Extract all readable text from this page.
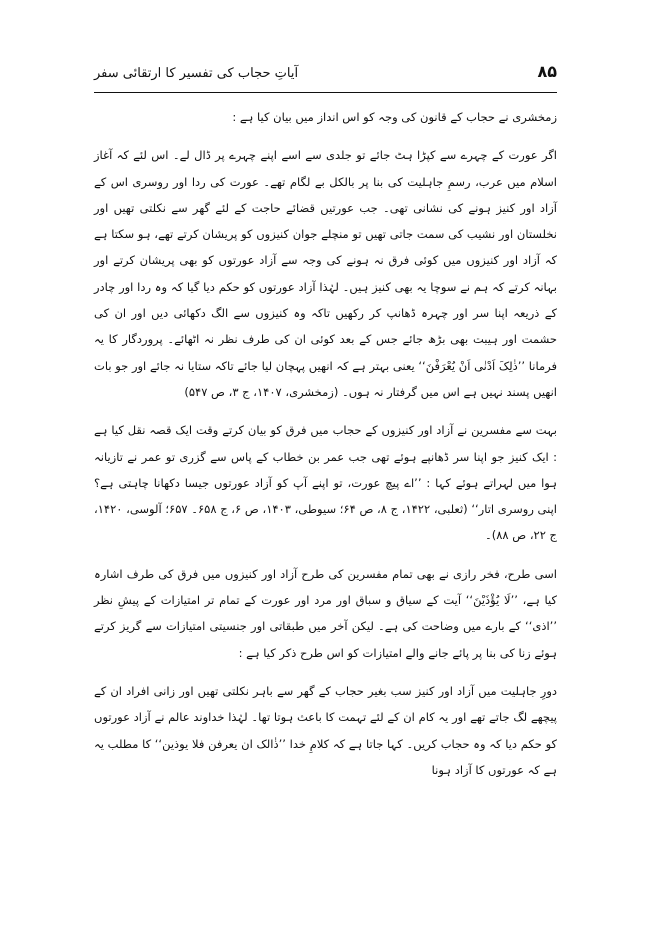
آیاتِ حجاب کی تفسیر کا ارتقائی سفر	۸۵

زمخشری نے حجاب کے قانون کی وجہ کو اس انداز میں بیان کیا ہے :

اگر عورت کے چہرے سے کپڑا ہٹ جائے تو جلدی سے اسے اپنے چہرے پر ڈال لے۔ اس لئے کہ آغاز اسلام میں عرب، رسمِ جاہلیت کی بنا پر بالکل بے لگام تھے۔ عورت کی ردا اور روسری اس کے آزاد اور کنیز ہونے کی نشانی تھی۔ جب عورتیں قضائے حاجت کے لئے گھر سے نکلتی تھیں اور نخلستان اور نشیب کی سمت جاتی تھیں تو منچلے جوان کنیزوں کو پریشان کرتے تھے، ہو سکتا ہے کہ آزاد اور کنیزوں میں کوئی فرق نہ ہونے کی وجہ سے آزاد عورتوں کو بھی پریشان کرتے اور بہانہ کرتے کہ ہم نے سوچا یہ بھی کنیز ہیں۔ لہٰذا آزاد عورتوں کو حکم دیا گیا کہ وہ ردا اور چادر کے ذریعہ اپنا سر اور چہرہ ڈھانپ کر رکھیں تاکہ وہ کنیزوں سے الگ دکھائی دیں اور ان کی حشمت اور ہیبت بھی بڑھ جائے جس کے بعد کوئی ان کی طرف نظر نہ اٹھائے۔ پروردگار کا یہ فرمانا ’’ذٰلِکَ اَدْنٰی اَنْ یُعْرَفْنَ‘‘ یعنی بہتر ہے کہ انھیں پہچان لیا جائے تاکہ ستایا نہ جائے اور جو بات انھیں پسند نہیں ہے اس میں گرفتار نہ ہوں۔ (زمخشری، ۱۴۰۷، ج ۳، ص ۵۴۷)

بہت سے مفسرین نے آزاد اور کنیزوں کے حجاب میں فرق کو بیان کرتے وقت ایک قصہ نقل کیا ہے : ایک کنیز جو اپنا سر ڈھانپے ہوئے تھی جب عمر بن خطاب کے پاس سے گزری تو عمر نے تازیانہ ہوا میں لہراتے ہوئے کہا : ’’اے پیچ عورت، تو اپنے آپ کو آزاد عورتوں جیسا دکھانا چاہتی ہے؟ اپنی روسری اتار‘‘ (ثعلبی، ۱۴۲۲، ج ۸، ص ۶۴؛ سیوطی، ۱۴۰۳، ص ۶، ج ۶۵۸۔ ۶۵۷؛ آلوسی، ۱۴۲۰، ج ۲۲، ص ۸۸)۔

اسی طرح، فخر رازی نے بھی تمام مفسرین کی طرح آزاد اور کنیزوں میں فرق کی طرف اشارہ کیا ہے، ’’لَا یُؤْذَیْنَ‘‘ آیت کے سیاق و سباق اور مرد اور عورت کے تمام تر امتیازات کے پیشِ نظر ’’اذی‘‘ کے بارے میں وضاحت کی ہے۔ لیکن آخر میں طبقاتی اور جنسیتی امتیازات سے گریز کرتے ہوئے زنا کی بنا پر پائے جانے والے امتیازات کو اس طرح ذکر کیا ہے :

دورِ جاہلیت میں آزاد اور کنیز سب بغیر حجاب کے گھر سے باہر نکلتی تھیں اور زانی افراد ان کے پیچھے لگ جاتے تھے اور یہ کام ان کے لئے تہمت کا باعث ہوتا تھا۔ لہٰذا خداوند عالم نے آزاد عورتوں کو حکم دیا کہ وہ حجاب کریں۔ کہا جاتا ہے کہ کلامِ خدا ’’ذٰالک ان یعرفن فلا یوذین‘‘ کا مطلب یہ ہے کہ عورتوں کا آزاد ہونا
